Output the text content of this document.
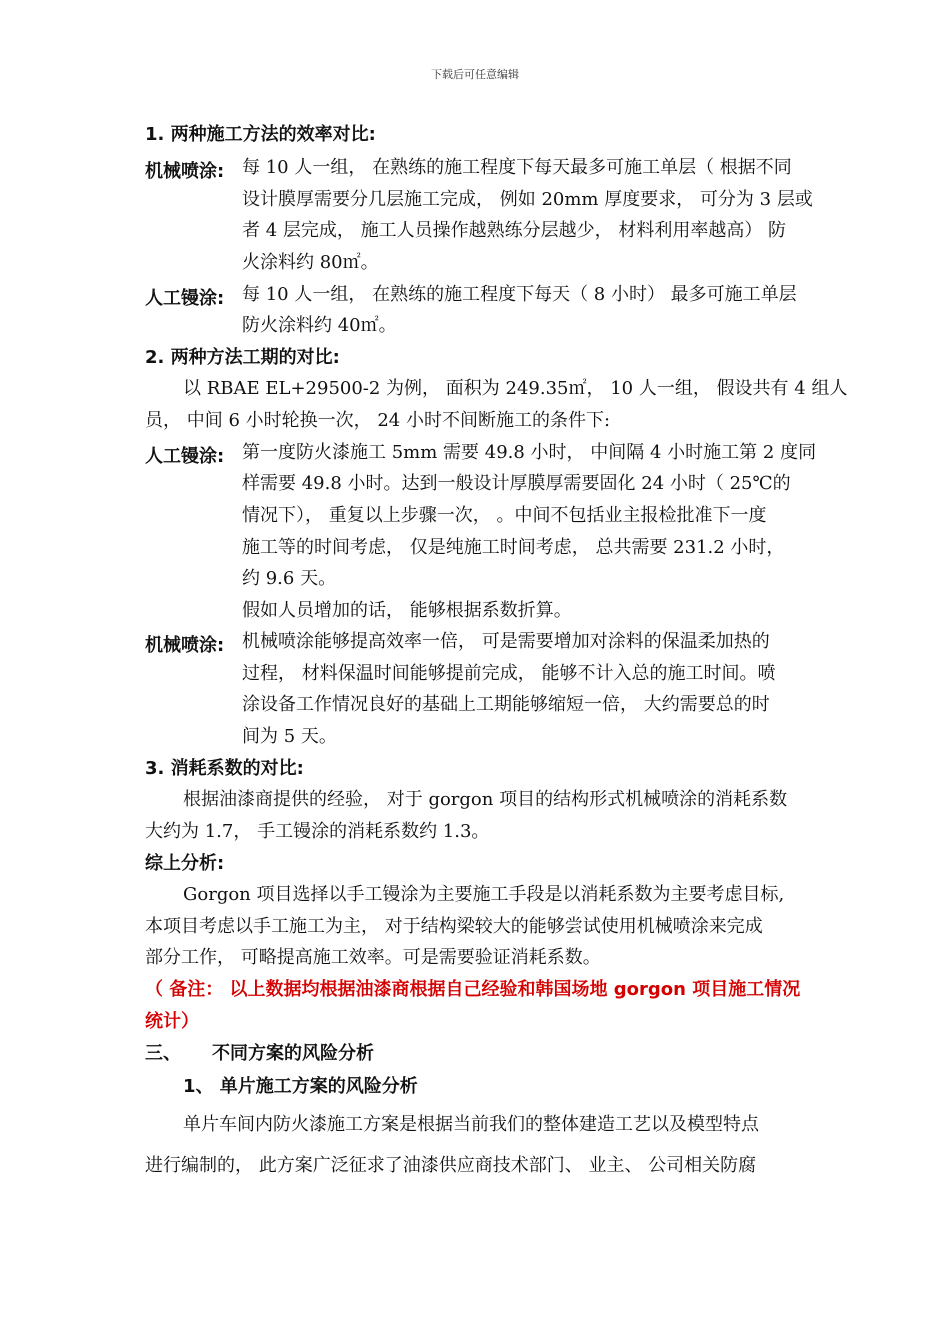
下载后可任意编辑
1. 两种施工方法的效率对比:
机械喷涂: 每 10 人一组， 在熟练的施工程度下每天最多可施工单层（ 根据不同
设计膜厚需要分几层施工完成， 例如 20mm 厚度要求， 可分为 3 层或
者 4 层完成， 施工人员操作越熟练分层越少， 材料利用率越高） 防
火涂料约 80㎡。
人工镘涂: 每 10 人一组， 在熟练的施工程度下每天（ 8 小时） 最多可施工单层
防火涂料约 40㎡。
2. 两种方法工期的对比:
以 RBAE EL+29500-2 为例， 面积为 249.35㎡， 10 人一组， 假设共有 4 组人
员， 中间 6 小时轮换一次， 24 小时不间断施工的条件下:
人工镘涂: 第一度防火漆施工 5mm 需要 49.8 小时， 中间隔 4 小时施工第 2 度同
样需要 49.8 小时。达到一般设计厚膜厚需要固化 24 小时（ 25℃的
情况下）， 重复以上步骤一次， 。中间不包括业主报检批准下一度
施工等的时间考虑， 仅是纯施工时间考虑， 总共需要 231.2 小时，
约 9.6 天。
假如人员增加的话， 能够根据系数折算。
机械喷涂: 机械喷涂能够提高效率一倍， 可是需要增加对涂料的保温柔加热的
过程， 材料保温时间能够提前完成， 能够不计入总的施工时间。喷
涂设备工作情况良好的基础上工期能够缩短一倍， 大约需要总的时
间为 5 天。
3. 消耗系数的对比:
根据油漆商提供的经验， 对于 gorgon 项目的结构形式机械喷涂的消耗系数
大约为 1.7， 手工镘涂的消耗系数约 1.3。
综上分析:
Gorgon 项目选择以手工镘涂为主要施工手段是以消耗系数为主要考虑目标,
本项目考虑以手工施工为主， 对于结构梁较大的能够尝试使用机械喷涂来完成
部分工作， 可略提高施工效率。可是需要验证消耗系数。
（ 备注： 以上数据均根据油漆商根据自己经验和韩国场地 gorgon 项目施工情况
统计）
三、 不同方案的风险分析
1、 单片施工方案的风险分析
单片车间内防火漆施工方案是根据当前我们的整体建造工艺以及模型特点
进行编制的， 此方案广泛征求了油漆供应商技术部门、 业主、 公司相关防腐
